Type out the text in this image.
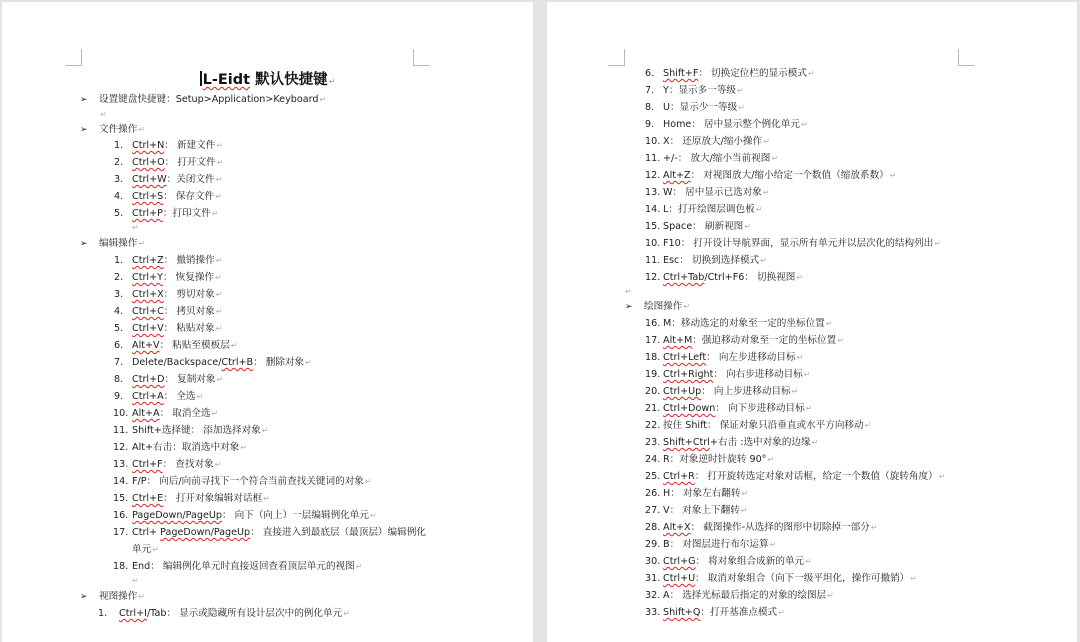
L-Eidt 默认快捷键↵
➢ 设置键盘快捷键：Setup>Application>Keyboard↵
↵
➢ 文件操作↵
1. Ctrl+N： 新建文件↵
2. Ctrl+O： 打开文件↵
3. Ctrl+W：关闭文件↵
4. Ctrl+S： 保存文件↵
5. Ctrl+P：打印文件↵
↵
➢ 编辑操作↵
1. Ctrl+Z： 撤销操作↵
2. Ctrl+Y： 恢复操作↵
3. Ctrl+X： 剪切对象↵
4. Ctrl+C： 拷贝对象↵
5. Ctrl+V： 粘贴对象↵
6. Alt+V： 粘贴至模板层↵
7. Delete/Backspace/Ctrl+B： 删除对象↵
8. Ctrl+D： 复制对象↵
9. Ctrl+A： 全选↵
10. Alt+A： 取消全选↵
11. Shift+选择键： 添加选择对象↵
12. Alt+右击：取消选中对象↵
13. Ctrl+F： 查找对象↵
14. F/P： 向后/向前寻找下一个符合当前查找关键词的对象↵
15. Ctrl+E： 打开对象编辑对话框↵
16. PageDown/PageUp： 向下（向上）一层编辑例化单元↵
17. Ctrl+ PageDown/PageUp： 直接进入到最底层（最顶层）编辑例化
单元↵
18. End： 编辑例化单元时直接返回查看顶层单元的视图↵
↵
➢ 视图操作↵
1. Ctrl+I/Tab： 显示或隐藏所有设计层次中的例化单元↵
6. Shift+F： 切换定位栏的显示模式↵
7. Y：显示多一等级↵
8. U：显示少一等级↵
9. Home： 居中显示整个例化单元↵
10. X： 还原放大/缩小操作↵
11. +/-： 放大/缩小当前视图↵
12. Alt+Z： 对视图放大/缩小给定一个数值（缩放系数）↵
13. W： 居中显示已选对象↵
14. L：打开绘图层调色板↵
15. Space： 刷新视图↵
10. F10： 打开设计导航界面，显示所有单元并以层次化的结构列出↵
11. Esc： 切换到选择模式↵
12. Ctrl+Tab/Ctrl+F6： 切换视图↵
↵
➢ 绘图操作↵
16. M：移动选定的对象至一定的坐标位置↵
17. Alt+M：强迫移动对象至一定的坐标位置↵
18. Ctrl+Left： 向左步进移动目标↵
19. Ctrl+Right： 向右步进移动目标↵
20. Ctrl+Up： 向上步进移动目标↵
21. Ctrl+Down： 向下步进移动目标↵
22. 按住 Shift： 保证对象只沿垂直或水平方向移动↵
23. Shift+Ctrl+右击 :选中对象的边缘↵
24. R：对象逆时针旋转 90°↵
25. Ctrl+R： 打开旋转选定对象对话框，给定一个数值（旋转角度）↵
26. H： 对象左右翻转↵
27. V： 对象上下翻转↵
28. Alt+X： 截图操作-从选择的图形中切除掉一部分↵
29. B： 对图层进行布尔运算↵
30. Ctrl+G： 将对象组合成新的单元↵
31. Ctrl+U： 取消对象组合（向下一级平坦化，操作可撤销）↵
32. A： 选择光标最后指定的对象的绘图层↵
33. Shift+Q：打开基准点模式↵
